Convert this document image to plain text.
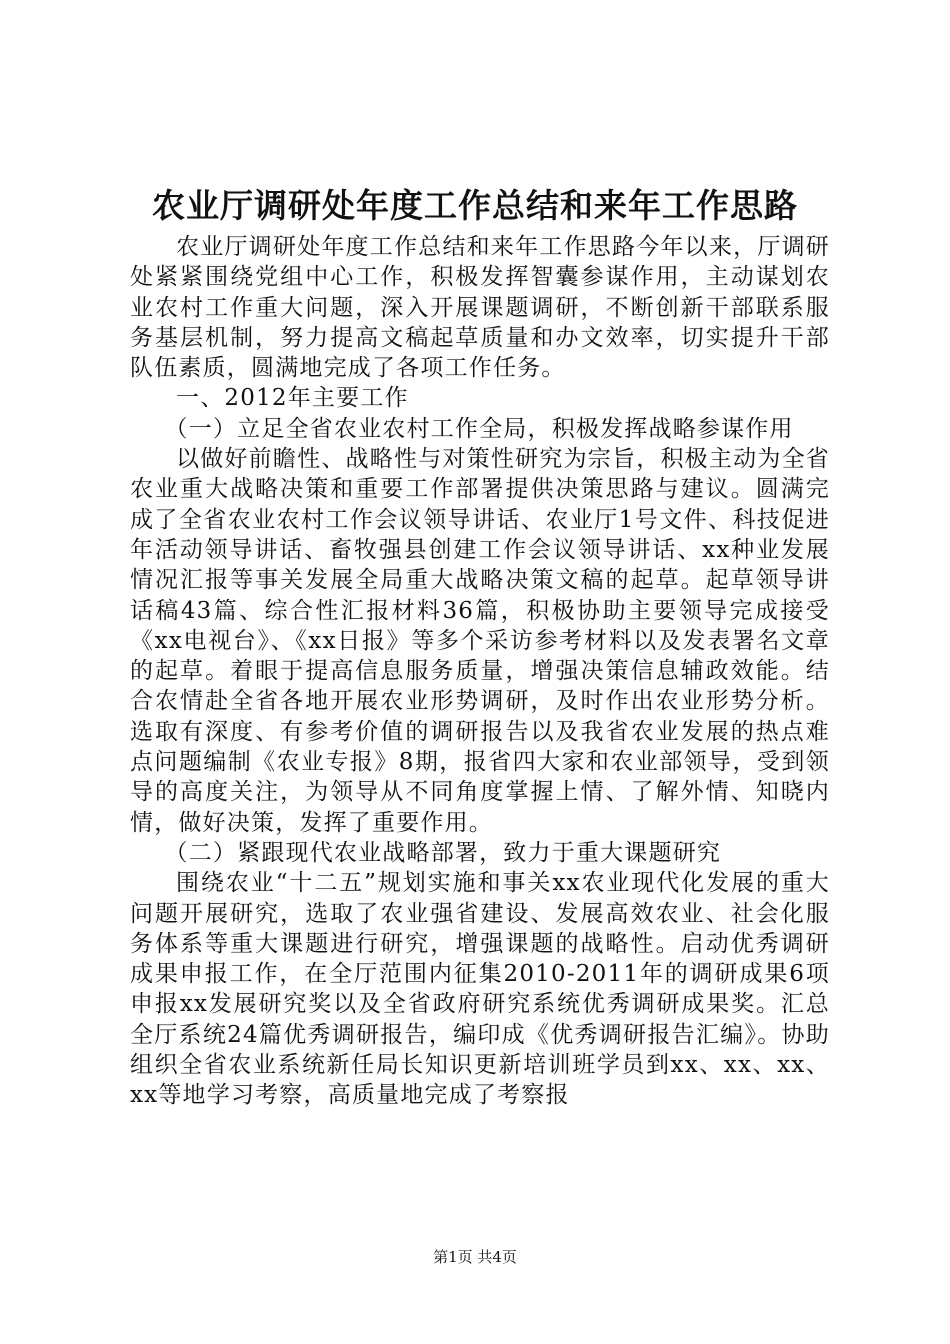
农业厅调研处年度工作总结和来年工作思路

农业厅调研处年度工作总结和来年工作思路今年以来，厅调研处紧紧围绕党组中心工作，积极发挥智囊参谋作用，主动谋划农业农村工作重大问题，深入开展课题调研，不断创新干部联系服务基层机制，努力提高文稿起草质量和办文效率，切实提升干部队伍素质，圆满地完成了各项工作任务。

一、2012年主要工作

（一）立足全省农业农村工作全局，积极发挥战略参谋作用

以做好前瞻性、战略性与对策性研究为宗旨，积极主动为全省农业重大战略决策和重要工作部署提供决策思路与建议。圆满完成了全省农业农村工作会议领导讲话、农业厅1号文件、科技促进年活动领导讲话、畜牧强县创建工作会议领导讲话、xx种业发展情况汇报等事关发展全局重大战略决策文稿的起草。起草领导讲话稿43篇、综合性汇报材料36篇，积极协助主要领导完成接受《xx电视台》、《xx日报》等多个采访参考材料以及发表署名文章的起草。着眼于提高信息服务质量，增强决策信息辅政效能。结合农情赴全省各地开展农业形势调研，及时作出农业形势分析。选取有深度、有参考价值的调研报告以及我省农业发展的热点难点问题编制《农业专报》8期，报省四大家和农业部领导，受到领导的高度关注，为领导从不同角度掌握上情、了解外情、知晓内情，做好决策，发挥了重要作用。

（二）紧跟现代农业战略部署，致力于重大课题研究

围绕农业“十二五”规划实施和事关xx农业现代化发展的重大问题开展研究，选取了农业强省建设、发展高效农业、社会化服务体系等重大课题进行研究，增强课题的战略性。启动优秀调研成果申报工作，在全厅范围内征集2010-2011年的调研成果6项申报xx发展研究奖以及全省政府研究系统优秀调研成果奖。汇总全厅系统24篇优秀调研报告，编印成《优秀调研报告汇编》。协助组织全省农业系统新任局长知识更新培训班学员到xx、xx、xx、xx等地学习考察，高质量地完成了考察报

第1页 共4页
